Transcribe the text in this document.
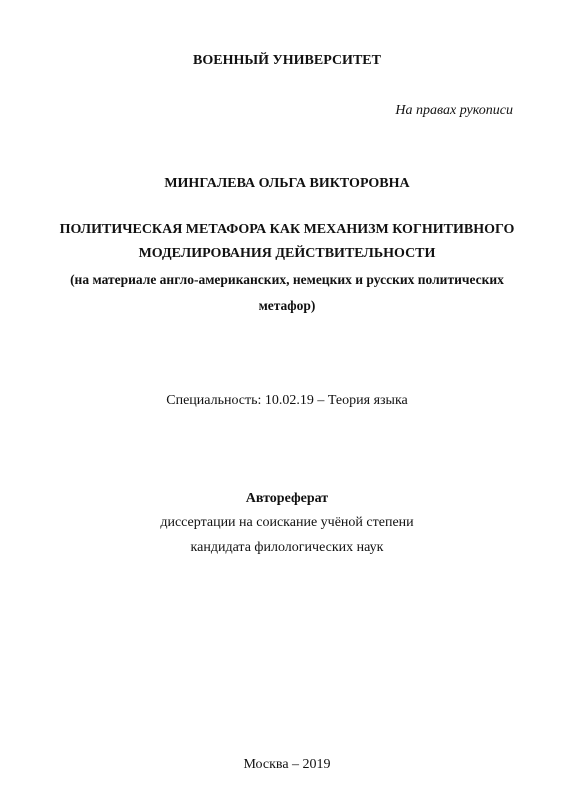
ВОЕННЫЙ УНИВЕРСИТЕТ
На правах рукописи
МИНГАЛЕВА ОЛЬГА ВИКТОРОВНА
ПОЛИТИЧЕСКАЯ МЕТАФОРА КАК МЕХАНИЗМ КОГНИТИВНОГО
МОДЕЛИРОВАНИЯ ДЕЙСТВИТЕЛЬНОСТИ
(на материале англо-американских, немецких и русских политических
метафор)
Специальность: 10.02.19 – Теория языка
Автореферат
диссертации на соискание учёной степени
кандидата филологических наук
Москва – 2019
